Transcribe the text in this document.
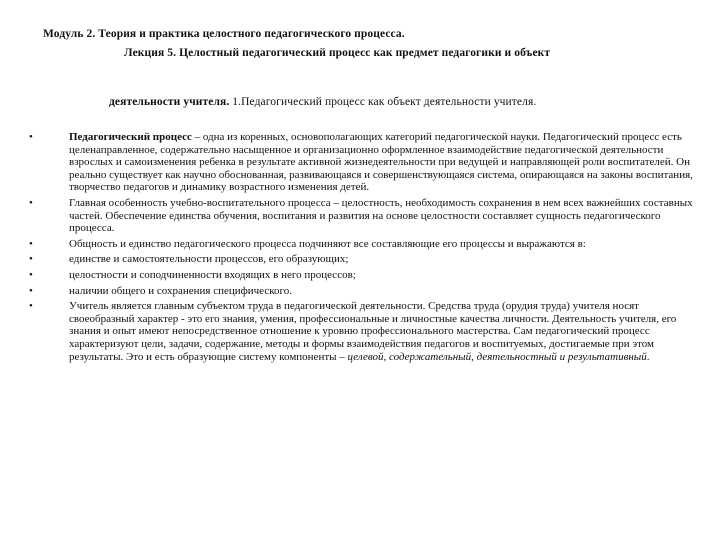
Модуль 2. Теория и практика целостного педагогического процесса.
Лекция 5. Целостный педагогический процесс как предмет педагогики и объект
деятельности учителя. 1.Педагогический процесс как объект деятельности учителя.
•	Педагогический процесс – одна из коренных, основополагающих категорий педагогической науки. Педагогический процесс есть целенаправленное, содержательно насыщенное и организационно оформленное взаимодействие педагогической деятельности взрослых и самоизменения ребенка в результате активной жизнедеятельности при ведущей и направляющей роли воспитателей. Он реально существует как научно обоснованная, развивающаяся и совершенствующаяся система, опирающаяся на законы воспитания, творчество педагогов и динамику возрастного изменения детей.
•	Главная особенность учебно-воспитательного процесса – целостность, необходимость сохранения в нем всех важнейших составных частей. Обеспечение единства обучения, воспитания и развития на основе целостности составляет сущность педагогического процесса.
•	Общность и единство педагогического процесса подчиняют все составляющие его процессы и выражаются в:
•	единстве и самостоятельности процессов, его образующих;
•	целостности и соподчиненности входящих в него процессов;
•	наличии общего и сохранения специфического.
•	Учитель является главным субъектом труда в педагогической деятельности. Средства труда (орудия труда) учителя носят своеобразный характер - это его знания, умения, профессиональные и личностные качества личности. Деятельность учителя, его знания и опыт имеют непосредственное отношение к уровню профессионального мастерства. Сам педагогический процесс характеризуют цели, задачи, содержание, методы и формы взаимодействия педагогов и воспитуемых, достигаемые при этом результаты. Это и есть образующие систему компоненты – целевой, содержательный, деятельностный и результативный.
